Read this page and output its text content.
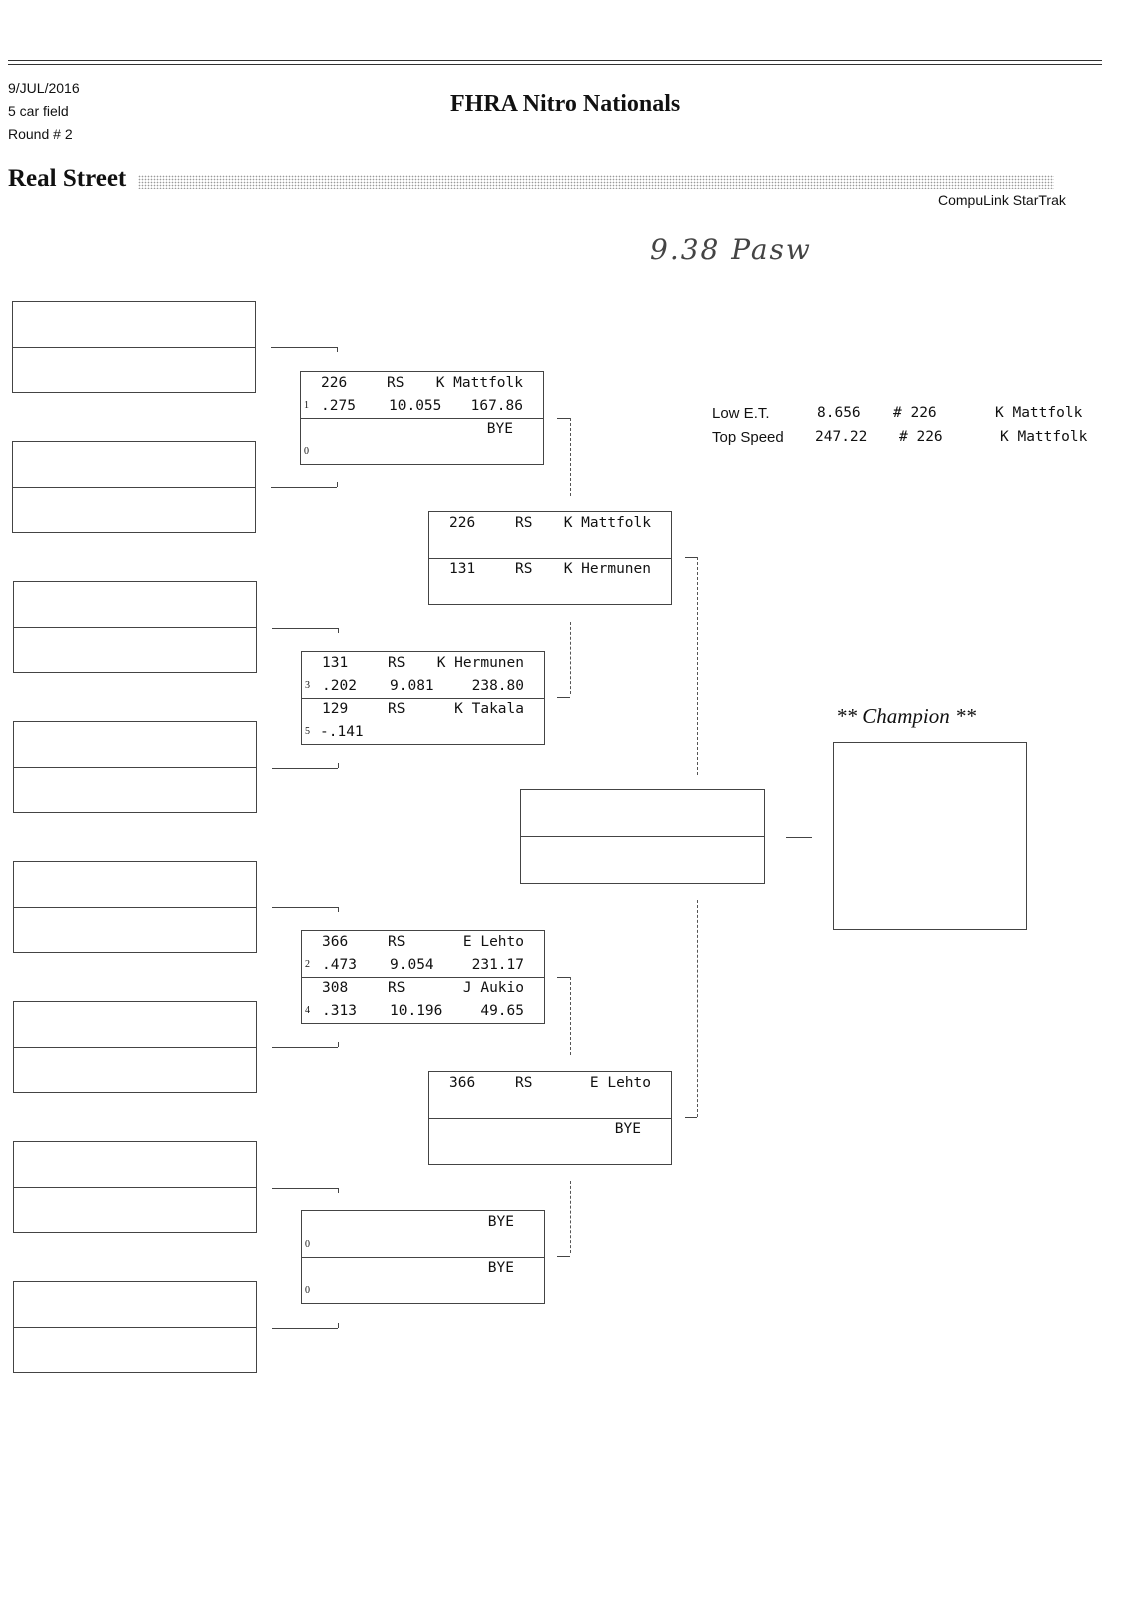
9/JUL/2016
5 car field
Round # 2
FHRA Nitro Nationals
Real Street
CompuLink StarTrak
9.38 Pasw
226	RS K Mattfolk
1 .275 10.055 167.86
BYE
0
131	RS K Hermunen
3 .202 9.081	238.80
129	RS	K Takala
5 -.141
366	RS	E Lehto
2 .473 9.054	231.17
308	RS	J Aukio
4 .313 10.196	49.65
BYE
0
BYE
0
226	RS K Mattfolk
131	RS K Hermunen
366	RS	E Lehto
BYE
** Champion **
Low E.T.	8.656 # 226	K Mattfolk
Top Speed 247.22 # 226	K Mattfolk
